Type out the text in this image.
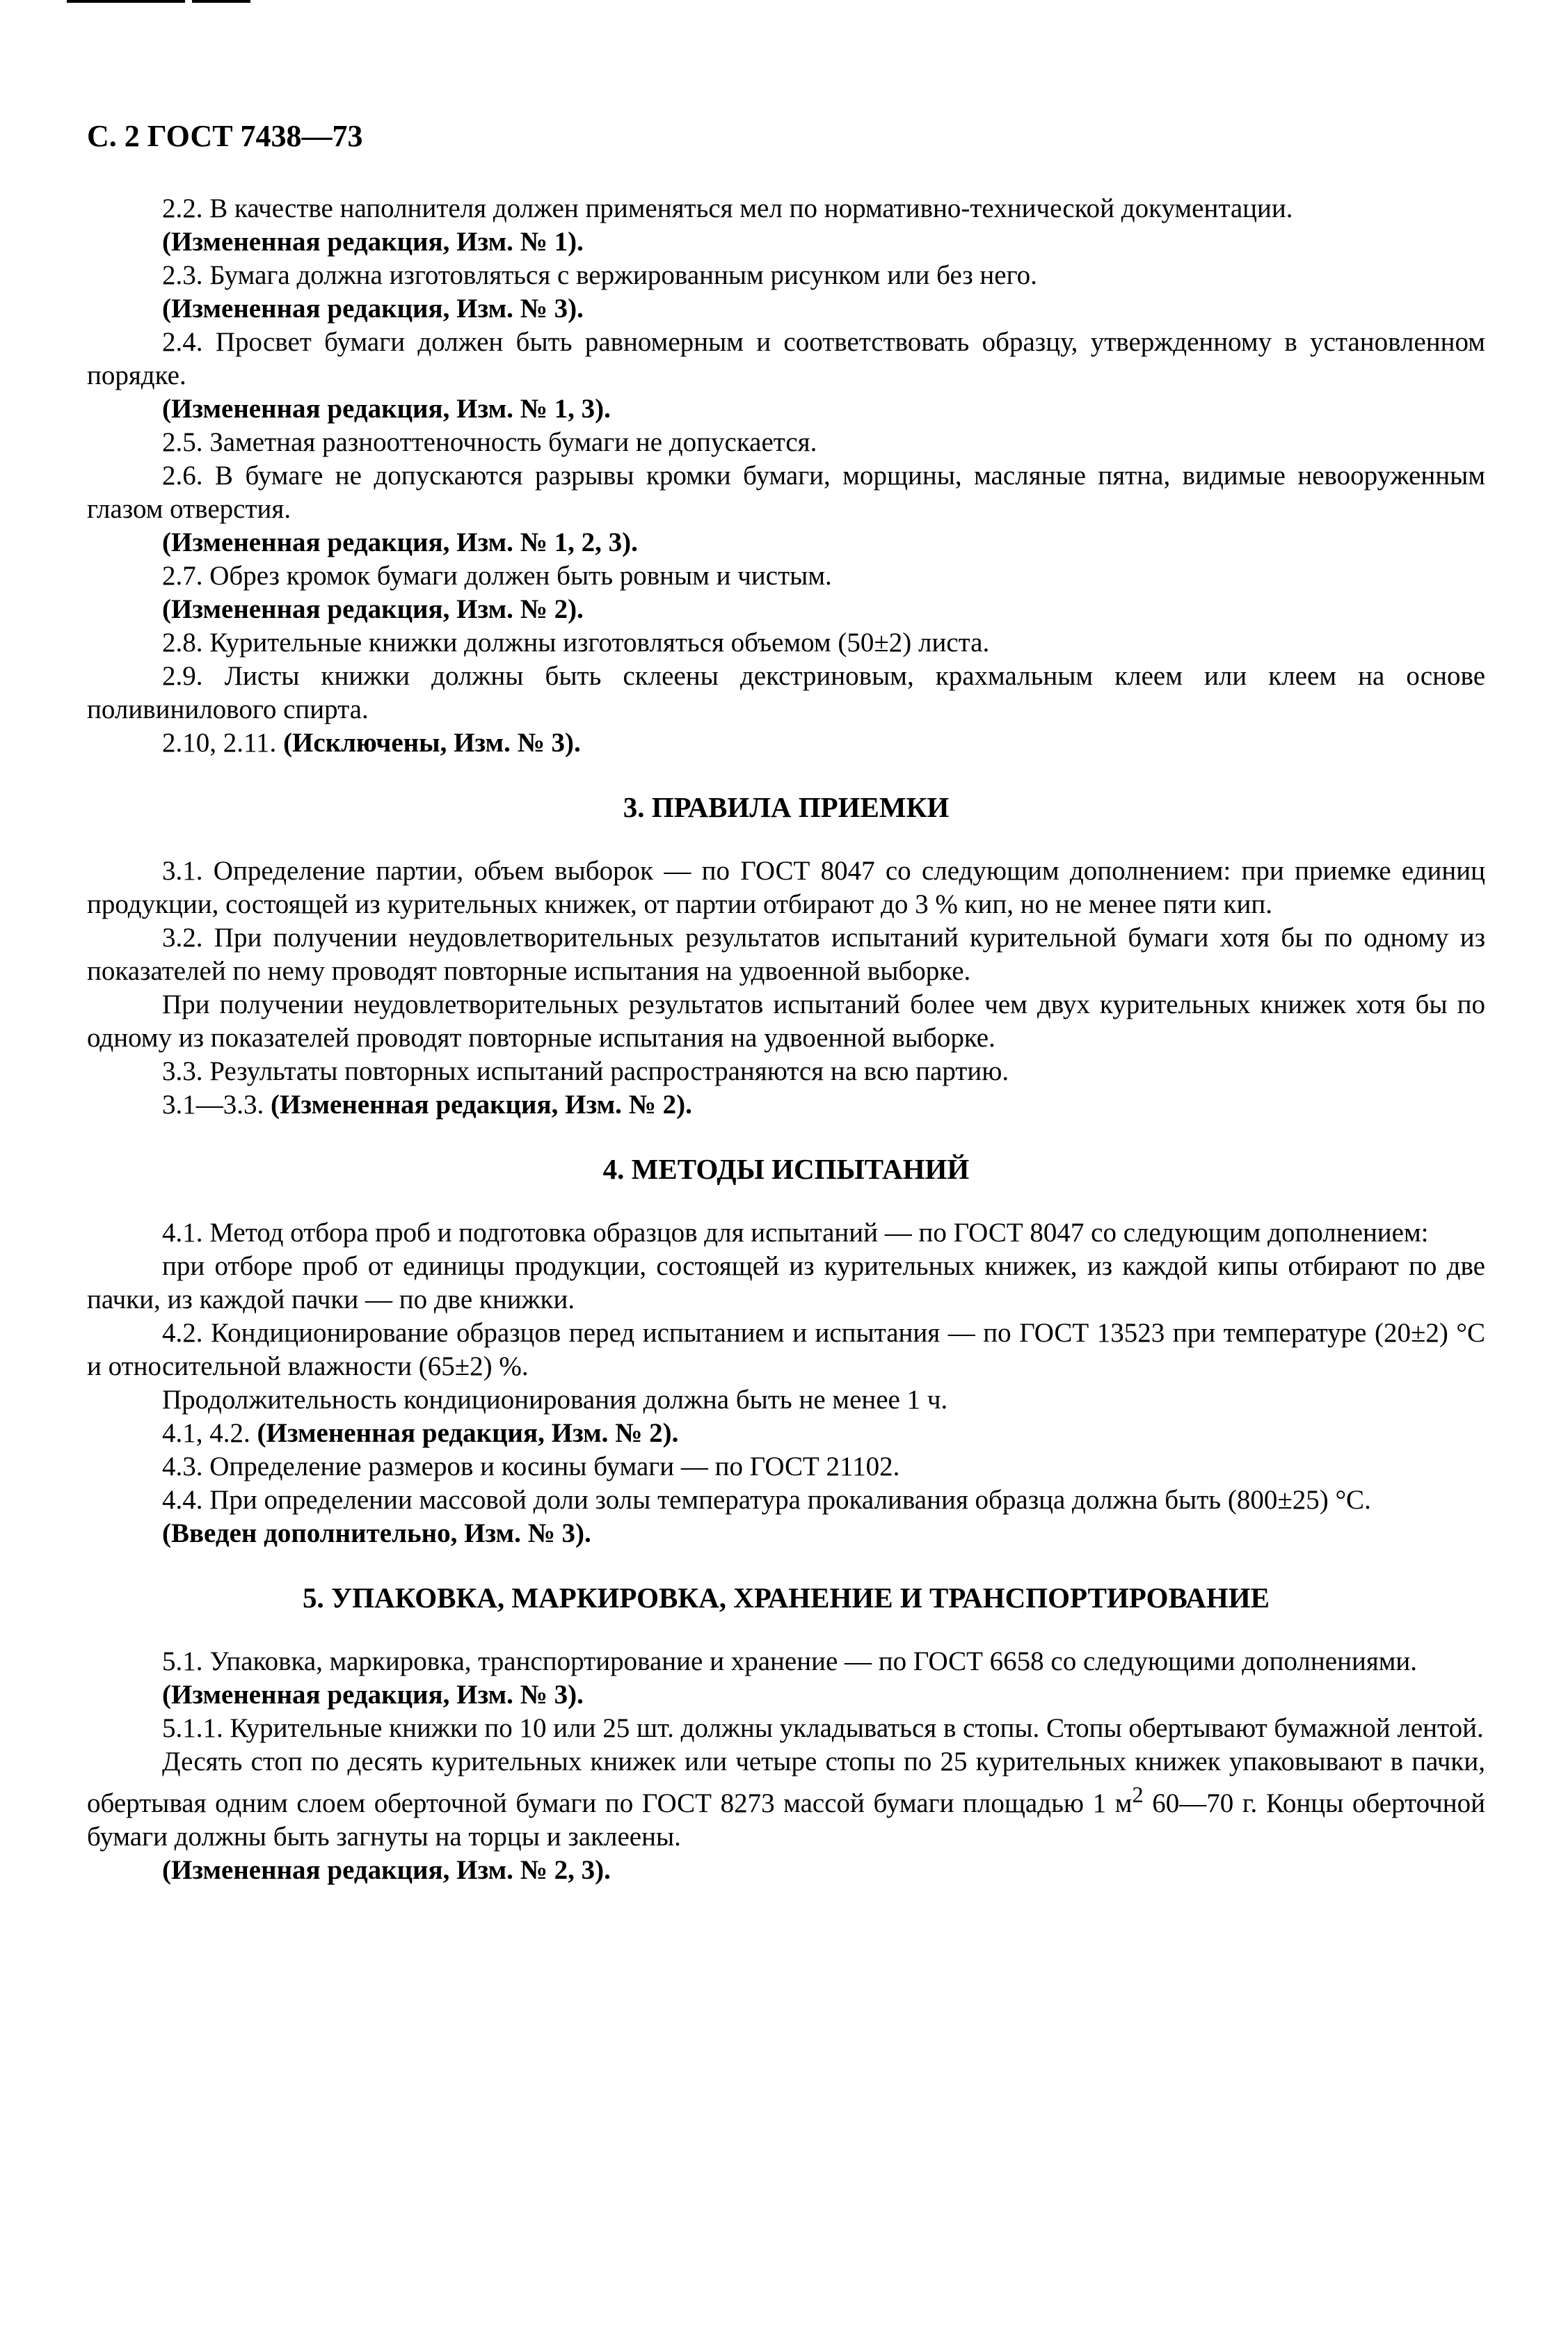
С. 2 ГОСТ 7438—73

2.2. В качестве наполнителя должен применяться мел по нормативно-технической документации.

(Измененная редакция, Изм. № 1).

2.3. Бумага должна изготовляться с вержированным рисунком или без него.

(Измененная редакция, Изм. № 3).

2.4. Просвет бумаги должен быть равномерным и соответствовать образцу, утвержденному в установленном порядке.

(Измененная редакция, Изм. № 1, 3).

2.5. Заметная разнооттеночность бумаги не допускается.

2.6. В бумаге не допускаются разрывы кромки бумаги, морщины, масляные пятна, видимые невооруженным глазом отверстия.

(Измененная редакция, Изм. № 1, 2, 3).

2.7. Обрез кромок бумаги должен быть ровным и чистым.

(Измененная редакция, Изм. № 2).

2.8. Курительные книжки должны изготовляться объемом (50±2) листа.

2.9. Листы книжки должны быть склеены декстриновым, крахмальным клеем или клеем на основе поливинилового спирта.

2.10, 2.11. (Исключены, Изм. № 3).

3. ПРАВИЛА ПРИЕМКИ

3.1. Определение партии, объем выборок — по ГОСТ 8047 со следующим дополнением: при приемке единиц продукции, состоящей из курительных книжек, от партии отбирают до 3 % кип, но не менее пяти кип.

3.2. При получении неудовлетворительных результатов испытаний курительной бумаги хотя бы по одному из показателей по нему проводят повторные испытания на удвоенной выборке.

При получении неудовлетворительных результатов испытаний более чем двух курительных книжек хотя бы по одному из показателей проводят повторные испытания на удвоенной выборке.

3.3. Результаты повторных испытаний распространяются на всю партию.

3.1—3.3. (Измененная редакция, Изм. № 2).

4. МЕТОДЫ ИСПЫТАНИЙ

4.1. Метод отбора проб и подготовка образцов для испытаний — по ГОСТ 8047 со следующим дополнением:

при отборе проб от единицы продукции, состоящей из курительных книжек, из каждой кипы отбирают по две пачки, из каждой пачки — по две книжки.

4.2. Кондиционирование образцов перед испытанием и испытания — по ГОСТ 13523 при температуре (20±2) °С и относительной влажности (65±2) %.

Продолжительность кондиционирования должна быть не менее 1 ч.

4.1, 4.2. (Измененная редакция, Изм. № 2).

4.3. Определение размеров и косины бумаги — по ГОСТ 21102.

4.4. При определении массовой доли золы температура прокаливания образца должна быть (800±25) °С.

(Введен дополнительно, Изм. № 3).

5. УПАКОВКА, МАРКИРОВКА, ХРАНЕНИЕ И ТРАНСПОРТИРОВАНИЕ

5.1. Упаковка, маркировка, транспортирование и хранение — по ГОСТ 6658 со следующими дополнениями.

(Измененная редакция, Изм. № 3).

5.1.1. Курительные книжки по 10 или 25 шт. должны укладываться в стопы. Стопы обертывают бумажной лентой.

Десять стоп по десять курительных книжек или четыре стопы по 25 курительных книжек упаковывают в пачки, обертывая одним слоем оберточной бумаги по ГОСТ 8273 массой бумаги площадью 1 $м^2$ 60—70 г. Концы оберточной бумаги должны быть загнуты на торцы и заклеены.

(Измененная редакция, Изм. № 2, 3).
